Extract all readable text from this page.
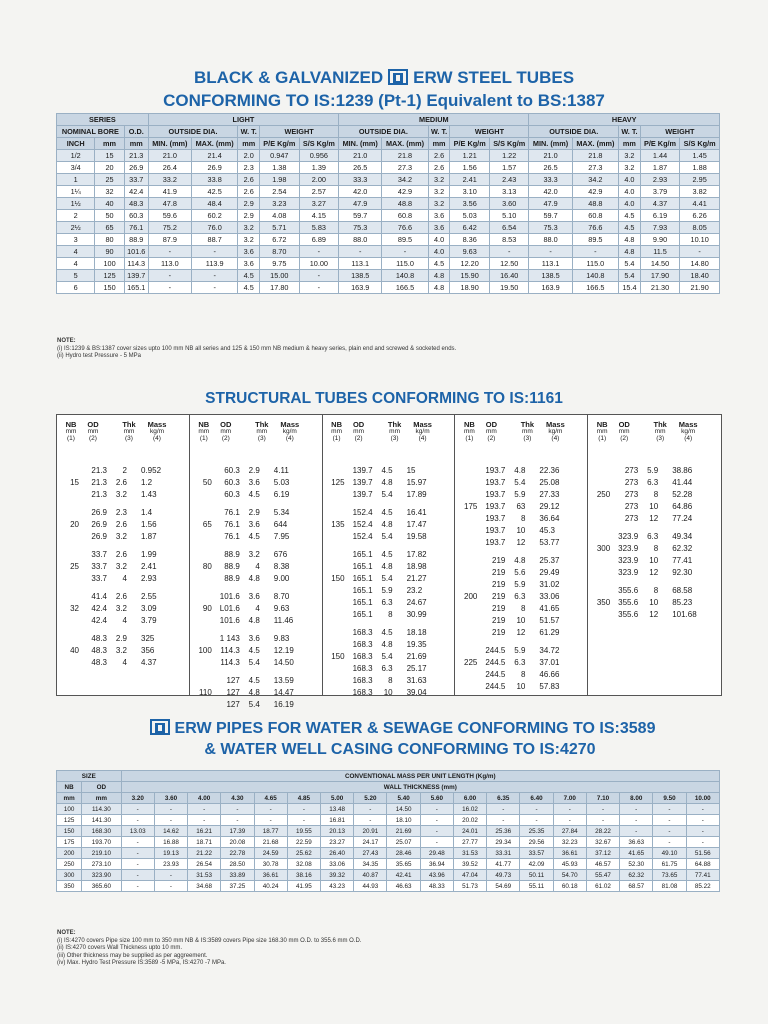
BLACK & GALVANIZED ERW STEEL TUBES
CONFORMING TO IS:1239 (Pt-1) Equivalent to BS:1387
SERIES			LIGHT					MEDIUM					HEAVY				
NOMINAL BORE		O.D.	OUTSIDE DIA.		W. T.	WEIGHT		OUTSIDE DIA.		W. T.	WEIGHT		OUTSIDE DIA.		W. T.	WEIGHT	
INCH	mm	mm	MIN. (mm)	MAX. (mm)	mm	P/E Kg/m	S/S Kg/m	MIN. (mm)	MAX. (mm)	mm	P/E Kg/m	S/S Kg/m	MIN. (mm)	MAX. (mm)	mm	P/E Kg/m	S/S Kg/m
1/2	15	21.3	21.0	21.4	2.0	0.947	0.956	21.0	21.8	2.6	1.21	1.22	21.0	21.8	3.2	1.44	1.45
3/4	20	26.9	26.4	26.9	2.3	1.38	1.39	26.5	27.3	2.6	1.56	1.57	26.5	27.3	3.2	1.87	1.88
1	25	33.7	33.2	33.8	2.6	1.98	2.00	33.3	34.2	3.2	2.41	2.43	33.3	34.2	4.0	2.93	2.95
1¼	32	42.4	41.9	42.5	2.6	2.54	2.57	42.0	42.9	3.2	3.10	3.13	42.0	42.9	4.0	3.79	3.82
1½	40	48.3	47.8	48.4	2.9	3.23	3.27	47.9	48.8	3.2	3.56	3.60	47.9	48.8	4.0	4.37	4.41
2	50	60.3	59.6	60.2	2.9	4.08	4.15	59.7	60.8	3.6	5.03	5.10	59.7	60.8	4.5	6.19	6.26
2½	65	76.1	75.2	76.0	3.2	5.71	5.83	75.3	76.6	3.6	6.42	6.54	75.3	76.6	4.5	7.93	8.05
3	80	88.9	87.9	88.7	3.2	6.72	6.89	88.0	89.5	4.0	8.36	8.53	88.0	89.5	4.8	9.90	10.10
4	90	101.6	-	-	3.6	8.70	-	-	-	4.0	9.63	-	-	-	4.8	11.5	-
4	100	114.3	113.0	113.9	3.6	9.75	10.00	113.1	115.0	4.5	12.20	12.50	113.1	115.0	5.4	14.50	14.80
5	125	139.7	-	-	4.5	15.00	-	138.5	140.8	4.8	15.90	16.40	138.5	140.8	5.4	17.90	18.40
6	150	165.1	-	-	4.5	17.80	-	163.9	166.5	4.8	18.90	19.50	163.9	166.5	15.4	21.30	21.90
NOTE:
(i) IS:1239 & BS:1387 cover sizes upto 100 mm NB all series and 125 & 150 mm NB medium & heavy series, plain end and screwed & socketed ends.
(ii) Hydro test Pressure - 5 MPa
STRUCTURAL TUBES CONFORMING TO IS:1161
NB	OD	Thk	Mass
mm	mm	mm	kg/m
(1)	(2)	(3)	(4)
15
21.3	2 0.952
21.3	2.6 1.2
21.3	3.2 1.43
20
26.9	2.3 1.4
26.9	2.6 1.56
26.9	3.2 1.87
25
33.7	2.6 1.99
33.7	3.2 2.41
33.7	4 2.93
32
41.4	2.6 2.55
42.4	3.2 3.09
42.4	4 3.79
40
48.3	2.9 325
48.3	3.2 356
48.3	4 4.37
NB	OD	Thk	Mass
mm	mm	mm	kg/m
(1)	(2)	(3)	(4)
50
60.3	2.9 4.11
60.3	3.6 5.03
60.3	4.5 6.19
65
76.1	2.9 5.34
76.1	3.6 644
76.1	4.5 7.95
80
88.9	3.2 676
88.9	4 8.38
88.9	4.8 9.00
90
101.6	3.6 8.70
L01.6	4 9.63
101.6	4.8 11.46
100
1 143	3.6 9.83
114.3	4.5 12.19
114.3	5.4 14.50
110
127	4.5 13.59
127	4.8 14.47
127	5.4 16.19
NB	OD	Thk	Mass
mm	mm	mm	kg/m
(1)	(2)	(3)	(4)
125
139.7	4.5 15
139.7	4.8 15.97
139.7	5.4 17.89
135
152.4	4.5 16.41
152.4	4.8 17.47
152.4	5.4 19.58
150
165.1	4.5 17.82
165.1	4.8 18.98
165.1	5.4 21.27
165.1	5.9 23.2
165.1	6.3 24.67
165.1	8 30.99
150
168.3	4.5 18.18
168.3	4.8 19.35
168.3	5.4 21.69
168.3	6.3 25.17
168.3	8 31.63
168.3	10 39.04
NB	OD	Thk	Mass
mm	mm	mm	kg/m
(1)	(2)	(3)	(4)
175
193.7	4.8 22.36
193.7	5.4 25.08
193.7	5.9 27.33
193.7	63 29.12
193.7	8 36.64
193.7	10 45.3
193.7	12 53.77
200
219	4.8 25.37
219	5.6 29.49
219	5.9 31.02
219	6.3 33.06
219	8 41.65
219	10 51.57
219	12 61.29
225
244.5	5.9 34.72
244.5	6.3 37.01
244.5	8 46.66
244.5	10 57.83
NB	OD	Thk	Mass
mm	mm	mm	kg/m
(1)	(2)	(3)	(4)
250
273	5.9 38.86
273	6.3 41.44
273	8 52.28
273	10 64.86
273	12 77.24
300
323.9	6.3 49.34
323.9	8 62.32
323.9	10 77.41
323.9	12 92.30
350
355.6	8 68.58
355.6	10 85.23
355.6	12 101.68
ERW PIPES FOR WATER & SEWAGE CONFORMING TO IS:3589
& WATER WELL CASING CONFORMING TO IS:4270
SIZE		CONVENTIONAL MASS PER UNIT LENGTH (Kg/m)																	
NB	OD	WALL THICKNESS (mm)																	
mm	mm	3.20	3.60	4.00	4.30	4.65	4.85	5.00	5.20	5.40	5.60	6.00	6.35	6.40	7.00	7.10	8.00	9.50	10.00
100	114.30	-	-	-	-	-	-	13.48	-	14.50	-	16.02	-	-	-	-	-	-	-
125	141.30	-	-	-	-	-	-	16.81	-	18.10	-	20.02	-	-	-	-	-	-	-
150	168.30	13.03	14.62	16.21	17.39	18.77	19.55	20.13	20.91	21.69	-	24.01	25.36	25.35	27.84	28.22	-	-	-
175	193.70	-	16.88	18.71	20.08	21.68	22.59	23.27	24.17	25.07	-	27.77	29.34	29.56	32.23	32.67	36.63	-	-
200	219.10	-	19.13	21.22	22.78	24.59	25.62	26.40	27.43	28.46	29.48	31.53	33.31	33.57	36.61	37.12	41.65	49.10	51.56
250	273.10	-	23.93	26.54	28.50	30.78	32.08	33.06	34.35	35.65	36.94	39.52	41.77	42.09	45.93	46.57	52.30	61.75	64.88
300	323.90	-	-	31.53	33.89	36.61	38.16	39.32	40.87	42.41	43.96	47.04	49.73	50.11	54.70	55.47	62.32	73.65	77.41
350	365.60	-	-	34.68	37.25	40.24	41.95	43.23	44.93	46.63	48.33	51.73	54.69	55.11	60.18	61.02	68.57	81.08	85.22
NOTE:
(i) IS:4270 covers Pipe size 100 mm to 350 mm NB & IS:3589 covers Pipe size 168.30 mm O.D. to 355.6 mm O.D.
(ii) IS:4270 covers Wall Thickness upto 10 mm.
(iii) Other thickness may be supplied as per aggreement.
(iv) Max. Hydro Test Pressure IS:3589 -5 MPa, IS:4270 -7 MPa.
